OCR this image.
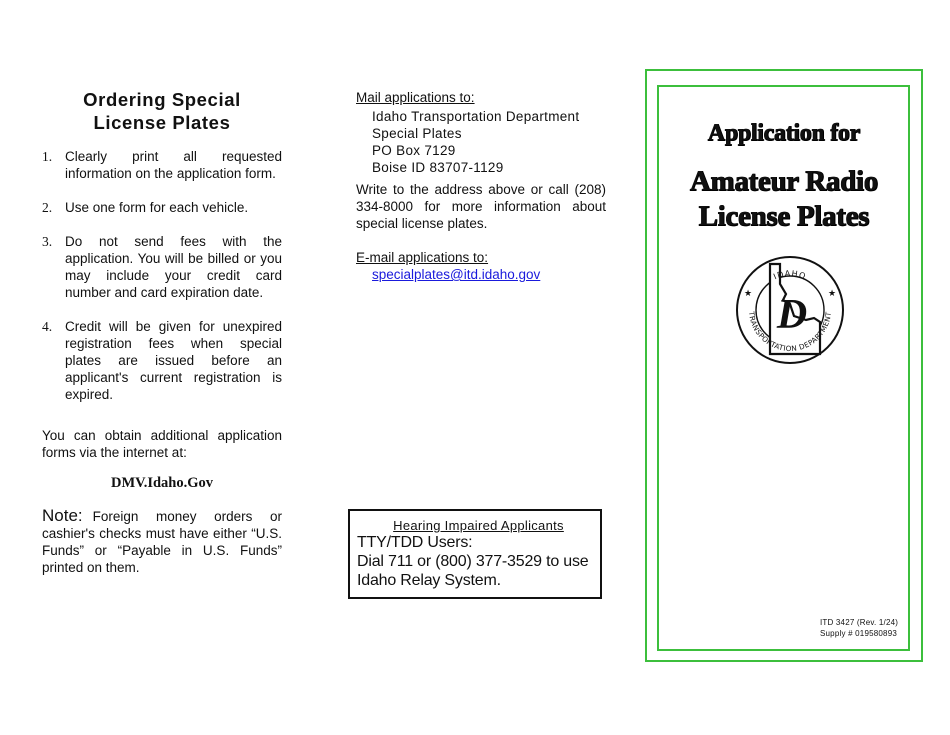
Ordering Special
License Plates
1. Clearly print all requested information on the application form.
2. Use one form for each vehicle.
3. Do not send fees with the application. You will be billed or you may include your credit card number and card expiration date.
4. Credit will be given for unexpired registration fees when special plates are issued before an applicant's current registration is expired.

You can obtain additional application forms via the internet at:

DMV.Idaho.Gov

Note: Foreign money orders or cashier's checks must have either “U.S. Funds” or “Payable in U.S. Funds” printed on them.

Mail applications to:

Idaho Transportation Department

Special Plates

PO Box 7129

Boise ID 83707-1129

Write to the address above or call (208) 334-8000 for more information about special license plates.

E-mail applications to:

specialplates@itd.idaho.gov

Hearing Impaired Applicants

TTY/TDD Users:

Dial 711 or (800) 377-3529 to use

Idaho Relay System.

Application for
Amateur Radio
License Plates
IDAHO
TRANSPORTATION DEPARTMENT
★	★
D
ITD 3427 (Rev. 1/24)
Supply # 019580893
